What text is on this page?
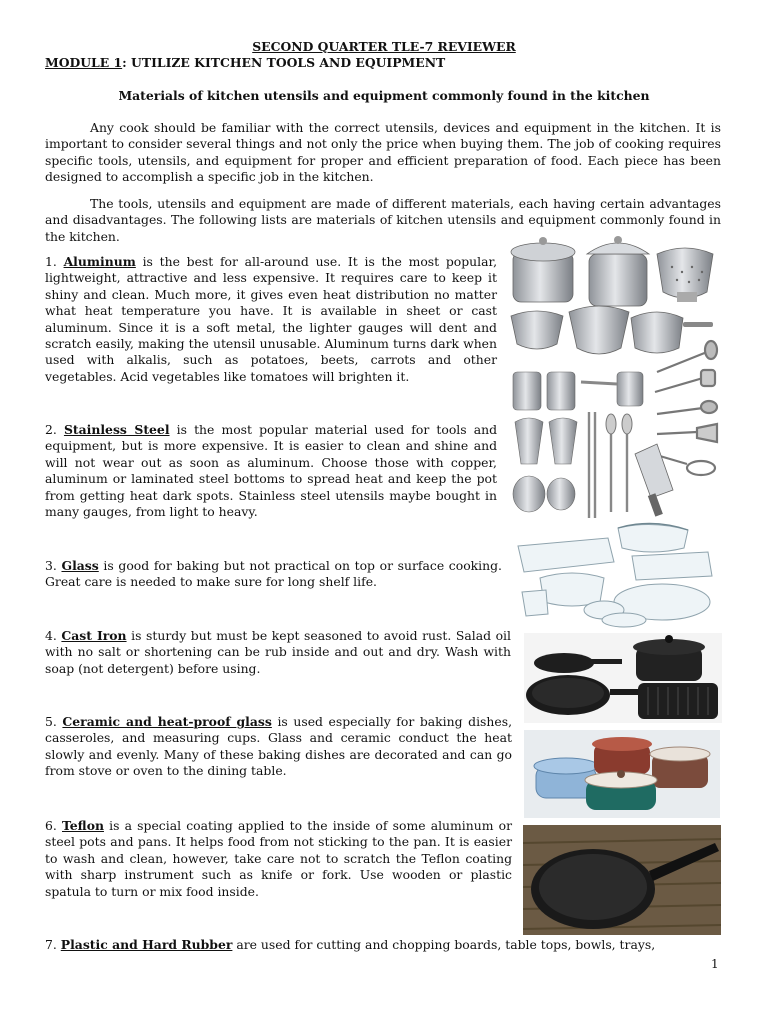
SECOND QUARTER TLE-7 REVIEWER

MODULE 1: UTILIZE KITCHEN TOOLS AND EQUIPMENT

Materials of kitchen utensils and equipment commonly found in the kitchen

Any cook should be familiar with the correct utensils, devices and equipment in the kitchen. It is important to consider several things and not only the price when buying them. The job of cooking requires specific tools, utensils, and equipment for proper and efficient preparation of food. Each piece has been designed to accomplish a specific job in the kitchen.

The tools, utensils and equipment are made of different materials, each having certain advantages and disadvantages. The following lists are materials of kitchen utensils and equipment commonly found in the kitchen.

1. Aluminum is the best for all-around use. It is the most popular, lightweight, attractive and less expensive. It requires care to keep it shiny and clean. Much more, it gives even heat distribution no matter what heat temperature you have. It is available in sheet or cast aluminum. Since it is a soft metal, the lighter gauges will dent and scratch easily, making the utensil unusable. Aluminum turns dark when used with alkalis, such as potatoes, beets, carrots and other vegetables. Acid vegetables like tomatoes will brighten it.

2. Stainless Steel is the most popular material used for tools and equipment, but is more expensive. It is easier to clean and shine and will not wear out as soon as aluminum. Choose those with copper, aluminum or laminated steel bottoms to spread heat and keep the pot from getting heat dark spots. Stainless steel utensils maybe bought in many gauges, from light to heavy.

3. Glass is good for baking but not practical on top or surface cooking. Great care is needed to make sure for long shelf life.

4. Cast Iron is sturdy but must be kept seasoned to avoid rust. Salad oil with no salt or shortening can be rub inside and out and dry. Wash with soap (not detergent) before using.

5. Ceramic and heat-proof glass is used especially for baking dishes, casseroles, and measuring cups. Glass and ceramic conduct the heat slowly and evenly. Many of these baking dishes are decorated and can go from stove or oven to the dining table.

6. Teflon is a special coating applied to the inside of some aluminum or steel pots and pans. It helps food from not sticking to the pan. It is easier to wash and clean, however, take care not to scratch the Teflon coating with sharp instrument such as knife or fork. Use wooden or plastic spatula to turn or mix food inside.

7. Plastic and Hard Rubber are used for cutting and chopping boards, table tops, bowls, trays,

1
